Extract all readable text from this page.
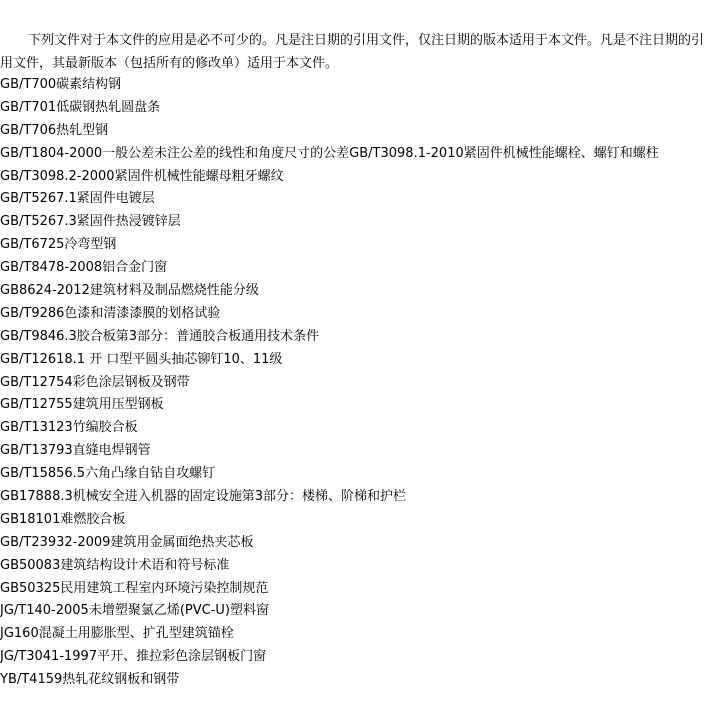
下列文件对于本文件的应用是必不可少的。凡是注日期的引用文件，仅注日期的版本适用于本文件。凡是不注日期的引用文件，其最新版本（包括所有的修改单）适用于本文件。

GB/T700碳素结构钢
GB/T701低碳钢热轧圆盘条
GB/T706热轧型钢
GB/T1804-2000一般公差未注公差的线性和角度尺寸的公差GB/T3098.1-2010紧固件机械性能螺栓、螺钉和螺柱
GB/T3098.2-2000紧固件机械性能螺母粗牙螺纹
GB/T5267.1紧固件电镀层
GB/T5267.3紧固件热浸镀锌层
GB/T6725冷弯型钢
GB/T8478-2008铝合金门窗
GB8624-2012建筑材料及制品燃烧性能分级
GB/T9286色漆和清漆漆膜的划格试验
GB/T9846.3胶合板第3部分：普通胶合板通用技术条件
GB/T12618.1 开 口型平圆头抽芯铆钉10、11级
GB/T12754彩色涂层钢板及钢带
GB/T12755建筑用压型钢板
GB/T13123竹编胶合板
GB/T13793直缝电焊钢管
GB/T15856.5六角凸缘自钻自攻螺钉
GB17888.3机械安全进入机器的固定设施第3部分：楼梯、阶梯和护栏
GB18101难燃胶合板
GB/T23932-2009建筑用金属面绝热夹芯板
GB50083建筑结构设计术语和符号标准
GB50325民用建筑工程室内环境污染控制规范
JG/T140-2005未增塑聚氯乙烯(PVC-U)塑料窗
JG160混凝土用膨胀型、扩孔型建筑锚栓
JG/T3041-1997平开、推拉彩色涂层钢板门窗
YB/T4159热轧花纹钢板和钢带
